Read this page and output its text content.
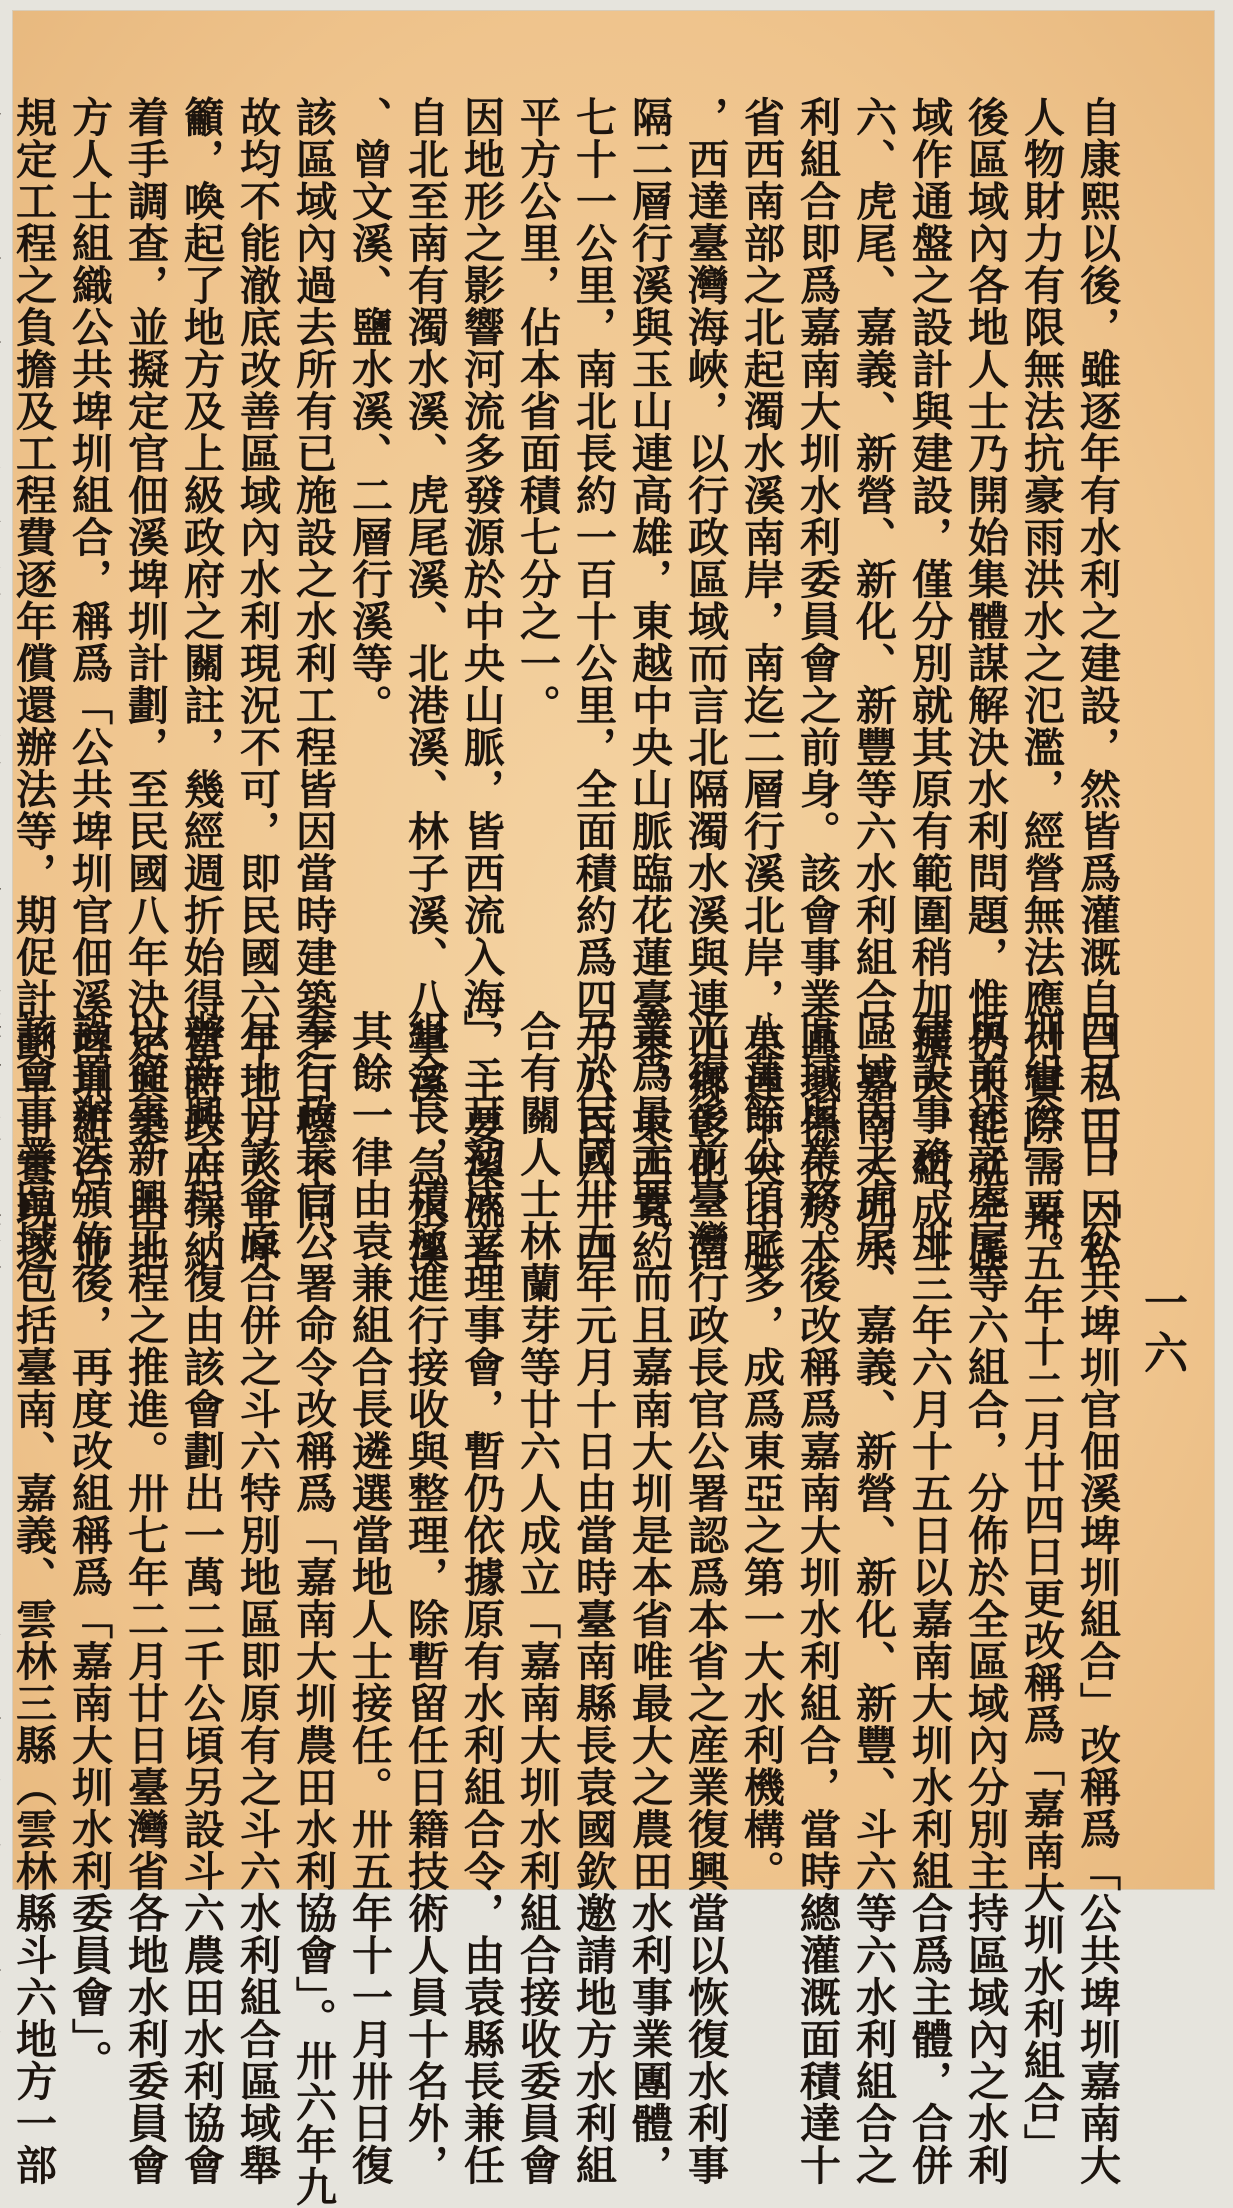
自康熙以後，雖逐年有水利之建設，然皆爲灌溉自己私田，因私
人物財力有限無法抗豪雨洪水之氾濫，經營無法應付實際需要。
後區域內各地人士乃開始集體謀解決水利問題，惟仍未能就全區
域作通盤之設計與建設，僅分別就其原有範圍稍加擴大，組成斗
六、虎尾、嘉義、新營、新化、新豐等六水利組合。嘉南大圳水
利組合即爲嘉南大圳水利委員會之前身。該會事業區域係位於本
省西南部之北起濁水溪南岸，南迄二層行溪北岸，東連中央山脈
，西達臺灣海峽，以行政區域而言北隔濁水溪與連山鄉彰化，南
隔二層行溪與玉山連高雄，東越中央山脈臨花蓮臺東，東西寬約
七十一公里，南北長約一百十公里，全面積約爲四千八百八十四
平方公里，佔本省面積七分之一。
因地形之影響河流多發源於中央山脈，皆西流入海，主要溪流者
自北至南有濁水溪、虎尾溪、北港溪、林子溪、八掌溪、急水溪
、曾文溪、鹽水溪、二層行溪等。
該區域內過去所有已施設之水利工程皆因當時建築之目標不同，
故均不能澈底改善區域內水利現況不可，即民國六年地方人士呼
籲，喚起了地方及上級政府之關註，幾經週折始得當時政府採納
着手調查，並擬定官佃溪埤圳計劃，至民國八年決定興築，由地
方人士組織公共埤圳組合，稱爲「公共埤圳官佃溪埤圳組合」並
規定工程之負擔及工程費逐年償還辦法等，期促計劃早日實現遂

四月一日「公共埤圳官佃溪埤圳組合」改稱爲「公共埤圳嘉南大
圳組合」。卅五年十二月廿四日更改稱爲「嘉南大圳水利組合」
與前述之虎尾等六組合，分佈於全區域內分別主持區域內之水利
建設事務，卅三年六月十五日以嘉南大圳水利組合爲主體，合併
區域內之虎尾、嘉義、新營、新化、新豐、斗六等六水利組合之
區域與業務。後改稱爲嘉南大圳水利組合，當時總灌溉面積達十
八萬餘公頃之多，成爲東亞之第一大水利機構。
光復後前臺灣行政長官公署認爲本省之産業復興當以恢復水利事
業爲最主要，而且嘉南大圳是本省唯最大之農田水利事業團體，
乃於民國卅五年元月十日由當時臺南縣長袁國欽邀請地方水利組
合有關人士林蘭芽等廿六人成立「嘉南大圳水利組合接收委員會
」二月初成立理事會，暫仍依據原有水利組合令，由袁縣長兼任
組合長，積極進行接收與整理，除暫留任日籍技術人員十名外，
其餘一律由袁兼組合長遴選當地人士接任。卅五年十一月卅日復
奉行政長官公署命令改稱爲「嘉南大圳農田水利協會」。卅六年九
月十日該會原合併之斗六特別地區即原有之斗六水利組合區域舉
辦新興工程，復由該會劃出一萬二千公頃另設斗六農田水利協會
以從事新興工程之推進。卅七年二月廿日臺灣省各地水利委員會
設置辦法頒佈後，再度改組稱爲「嘉南大圳水利委員會」。
該會事業區域包括臺南、嘉義、雲林三縣（雲林縣斗六地方一部	一六
